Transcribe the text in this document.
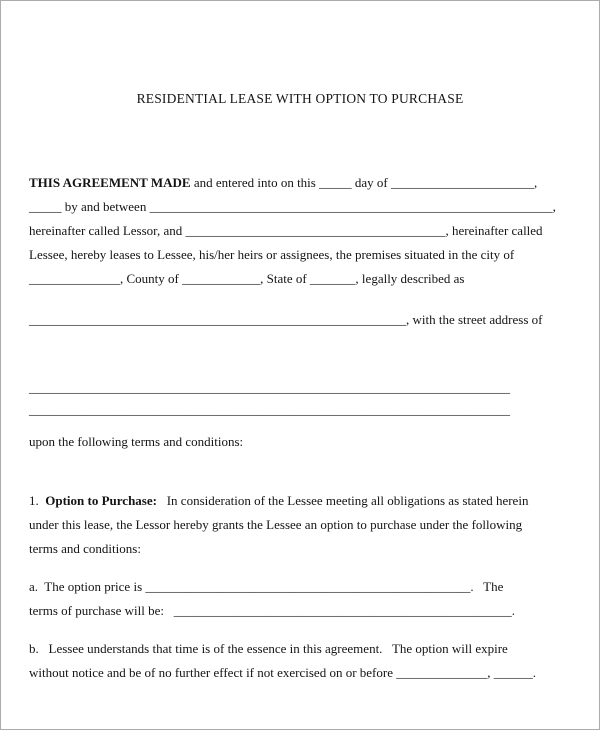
RESIDENTIAL LEASE WITH OPTION TO PURCHASE
THIS AGREEMENT MADE and entered into on this _____ day of ______________________,
_____ by and between ______________________________________________________________,
hereinafter called Lessor, and ________________________________________, hereinafter called
Lessee, hereby leases to Lessee, his/her heirs or assignees, the premises situated in the city of
______________, County of ____________, State of _______, legally described as
__________________________________________________________, with the street address of
__________________________________________________________________________
__________________________________________________________________________
upon the following terms and conditions:
1.  Option to Purchase:   In consideration of the Lessee meeting all obligations as stated herein
under this lease, the Lessor hereby grants the Lessee an option to purchase under the following
terms and conditions:
a.  The option price is __________________________________________________.   The
terms of purchase will be:   ____________________________________________________.
b.   Lessee understands that time is of the essence in this agreement.   The option will expire
without notice and be of no further effect if not exercised on or before ______________, ______.
